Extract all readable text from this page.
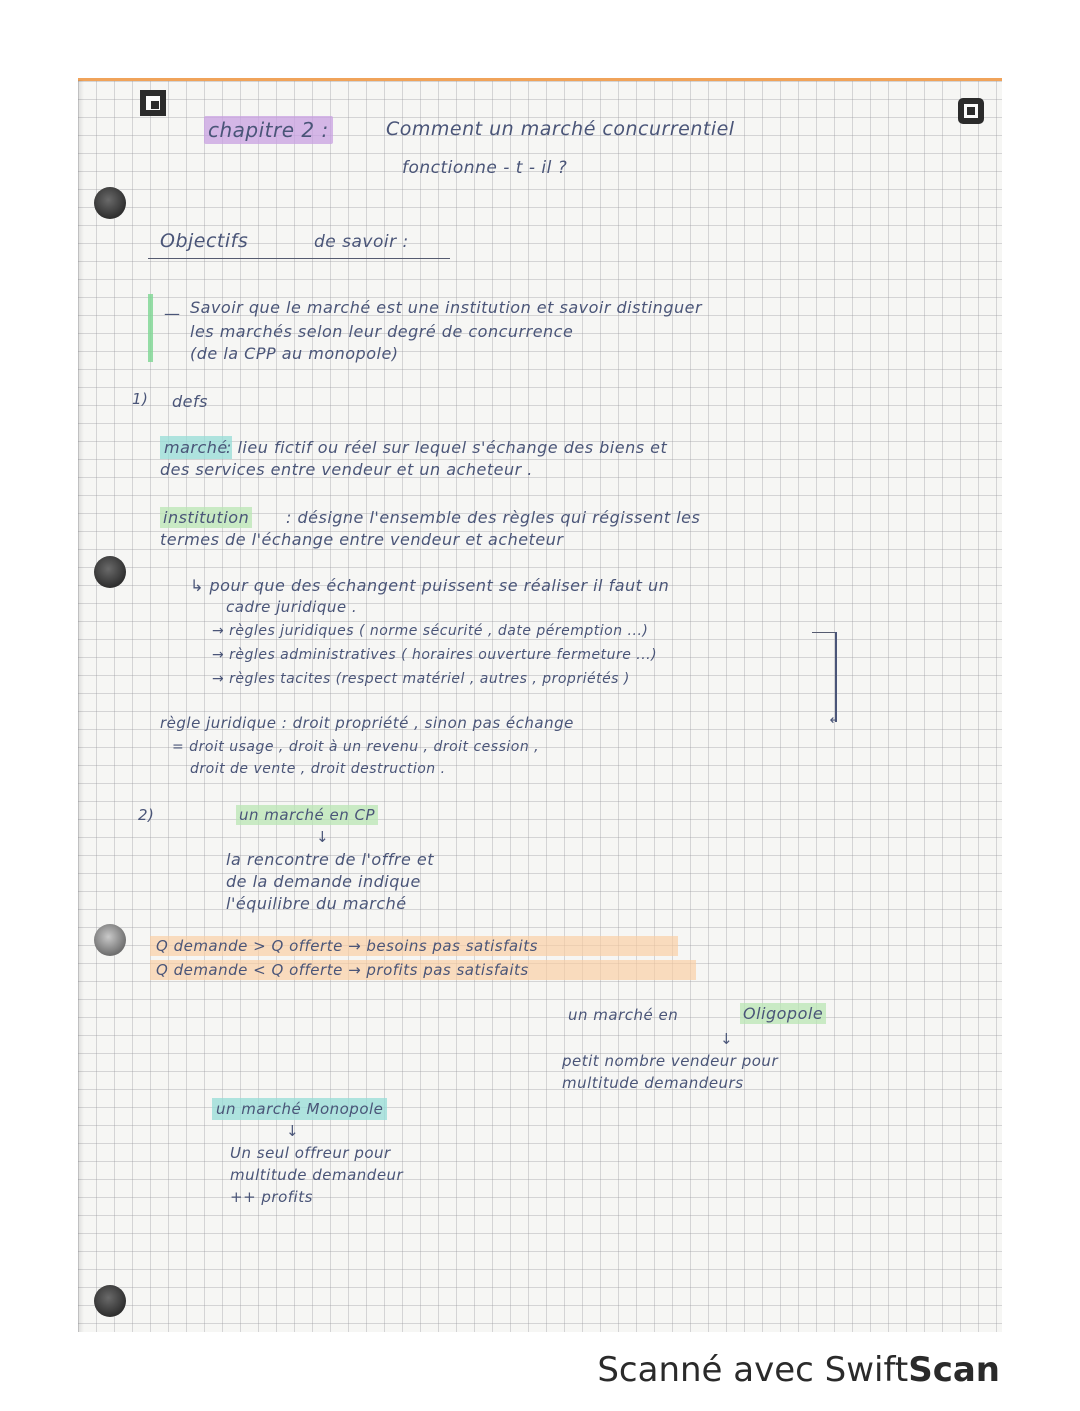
chapitre 2 :	Comment un marché concurrentiel
fonctionne - t - il ?
Objectifs	de savoir :
— Savoir que le marché est une institution et savoir distinguer
les marchés selon leur degré de concurrence
(de la CPP au monopole)
1) defs
marché
: lieu fictif ou réel sur lequel s'échange des biens et
des services entre vendeur et un acheteur .
institution : désigne l'ensemble des règles qui régissent les
termes de l'échange entre vendeur et acheteur
↳ pour que des échangent puissent se réaliser il faut un
cadre juridique .
→ règles juridiques ( norme sécurité , date péremption ...)
→ règles administratives ( horaires ouverture fermeture ...)
→ règles tacites (respect matériel , autres , propriétés )
↲
règle juridique : droit propriété , sinon pas échange
= droit usage , droit à un revenu , droit cession ,
droit de vente , droit destruction .
2)	un marché en CP
↓
la rencontre de l'offre et
de la demande indique
l'équilibre du marché
Q demande > Q offerte → besoins pas satisfaits
Q demande < Q offerte → profits pas satisfaits
un marché en	Oligopole
↓
petit nombre vendeur pour
multitude demandeurs
un marché Monopole
↓
Un seul offreur pour
multitude demandeur
++ profits
Scanné avec SwiftScan
